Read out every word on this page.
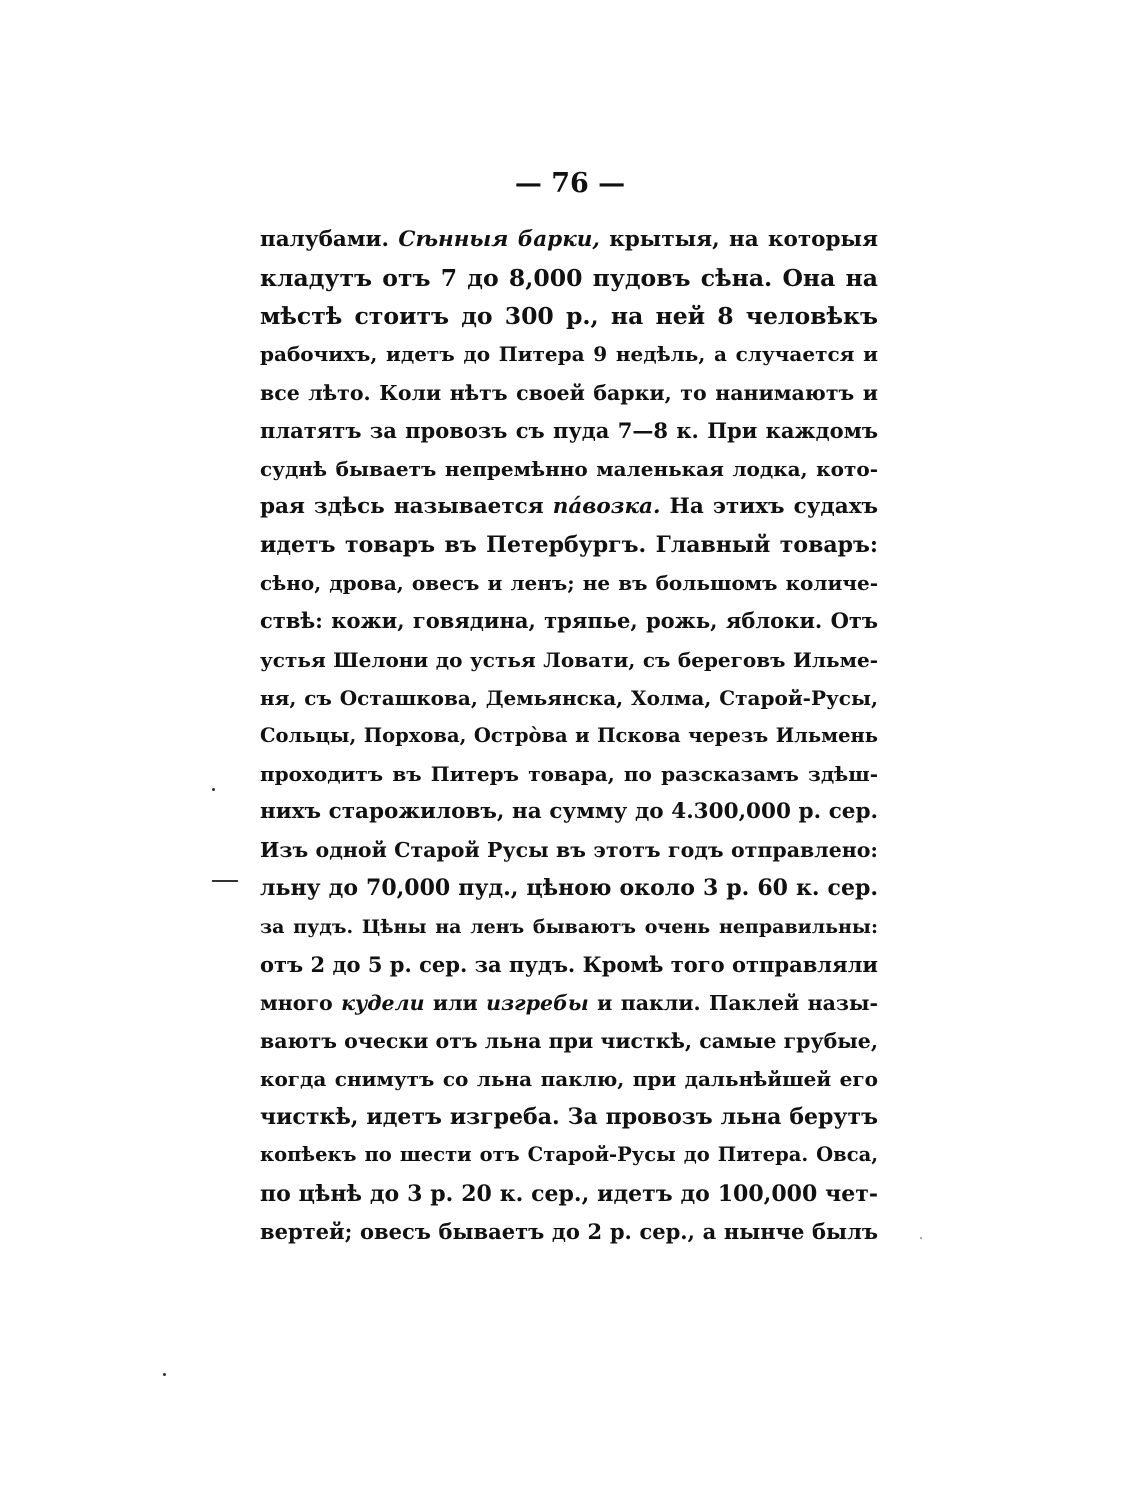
— 76 —
палубами. Сѣнныя барки, крытыя, на которыя
кладутъ отъ 7 до 8,000 пудовъ сѣна. Она на
мѣстѣ стоитъ до 300 р., на ней 8 человѣкъ
рабочихъ, идетъ до Питера 9 недѣль, а случается и
все лѣто. Коли нѣтъ своей барки, то нанимаютъ и
платятъ за провозъ съ пуда 7—8 к. При каждомъ
суднѣ бываетъ непремѣнно маленькая лодка, кото-
рая здѣсь называется пáвозка. На этихъ судахъ
идетъ товаръ въ Петербургъ. Главный товаръ:
сѣно, дрова, овесъ и ленъ; не въ большомъ количе-
ствѣ: кожи, говядина, тряпье, рожь, яблоки. Отъ
устья Шелони до устья Ловати, съ береговъ Ильме-
ня, съ Осташкова, Демьянска, Холма, Старой-Русы,
Сольцы, Порхова, Острòва и Пскова черезъ Ильмень
проходитъ въ Питеръ товара, по разсказамъ здѣш-
нихъ старожиловъ, на сумму до 4.300,000 р. сер.
Изъ одной Старой Русы въ этотъ годъ отправлено:
льну до 70,000 пуд., цѣною около 3 р. 60 к. сер.
за пудъ. Цѣны на ленъ бываютъ очень неправильны:
отъ 2 до 5 р. сер. за пудъ. Кромѣ того отправляли
много кудели или изгребы и пакли. Паклей назы-
ваютъ очески отъ льна при чисткѣ, самые грубые,
когда снимутъ со льна паклю, при дальнѣйшей его
чисткѣ, идетъ изгреба. За провозъ льна берутъ
копѣекъ по шести отъ Старой-Русы до Питера. Овса,
по цѣнѣ до 3 р. 20 к. сер., идетъ до 100,000 чет-
вертей; овесъ бываетъ до 2 р. сер., а нынче былъ
